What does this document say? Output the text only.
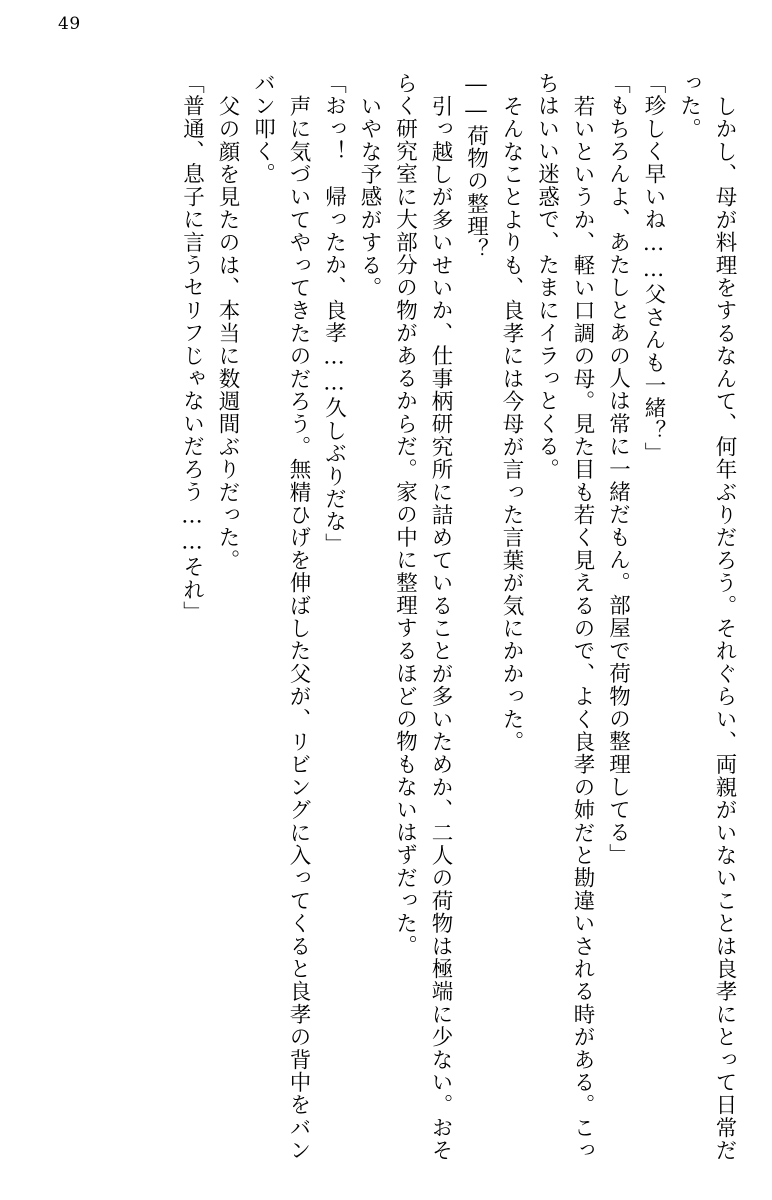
49

しかし、母が料理をするなんて、何年ぶりだろう。それぐらい、両親がいないことは良孝にとって日常だった。

「珍しく早いね……父さんも一緒？」

「もちろんよ、あたしとあの人は常に一緒だもん。部屋で荷物の整理してる」

若いというか、軽い口調の母。見た目も若く見えるので、よく良孝の姉だと勘違いされる時がある。こっちはいい迷惑で、たまにイラっとくる。

そんなことよりも、良孝には今母が言った言葉が気にかかった。

――荷物の整理？

引っ越しが多いせいか、仕事柄研究所に詰めていることが多いためか、二人の荷物は極端に少ない。おそらく研究室に大部分の物があるからだ。家の中に整理するほどの物もないはずだった。

いやな予感がする。

「おっ！　帰ったか、良孝……久しぶりだな」

声に気づいてやってきたのだろう。無精ひげを伸ばした父が、リビングに入ってくると良孝の背中をバンバン叩く。

父の顔を見たのは、本当に数週間ぶりだった。

「普通、息子に言うセリフじゃないだろう……それ」
